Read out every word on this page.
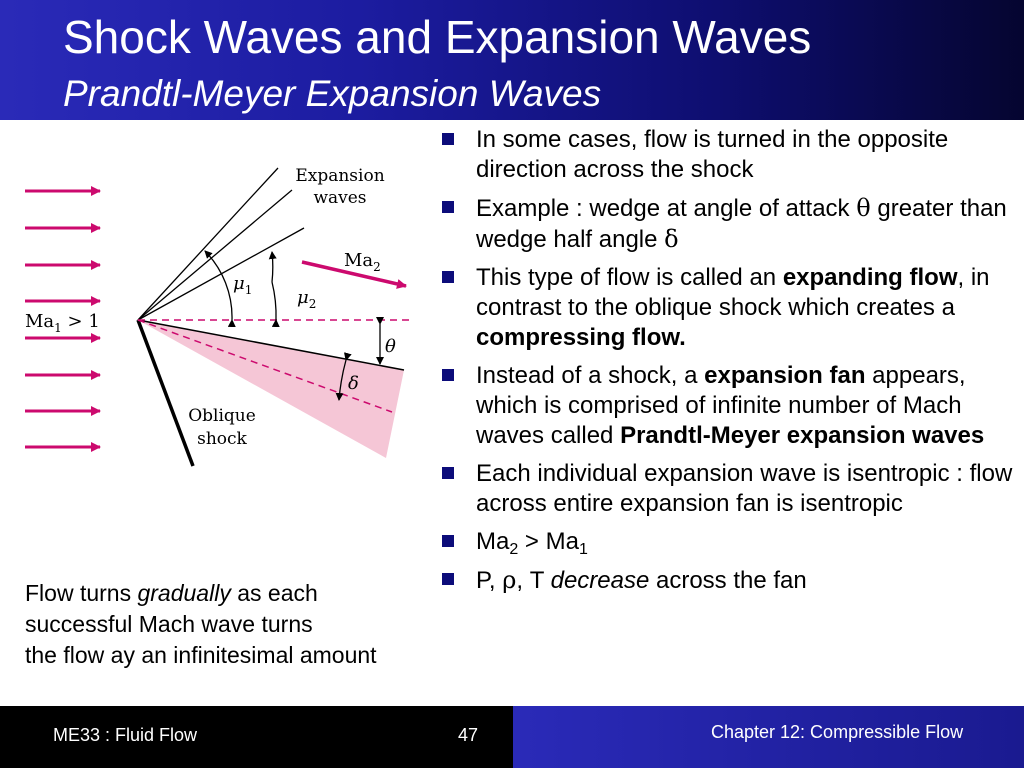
Shock Waves and Expansion Waves
Prandtl-Meyer Expansion Waves
Expansion
waves
$Ma_2$
$\mu_1$ $\mu_2$
$Ma_1 > 1$
θ
δ
Oblique
shock
Flow turns gradually as each
successful Mach wave turns
the flow ay an infinitesimal amount
In some cases, flow is turned in the opposite direction across the shock
Example : wedge at angle of attack θ greater than wedge half angle δ
This type of flow is called an expanding flow, in contrast to the oblique shock which creates a compressing flow.
Instead of a shock, a expansion fan appears, which is comprised of infinite number of Mach waves called Prandtl-Meyer expansion waves
Each individual expansion wave is isentropic : flow across entire expansion fan is isentropic
$Ma_2 > Ma_1$
P, ρ, T decrease across the fan
ME33 : Fluid Flow	47	Chapter 12: Compressible Flow
